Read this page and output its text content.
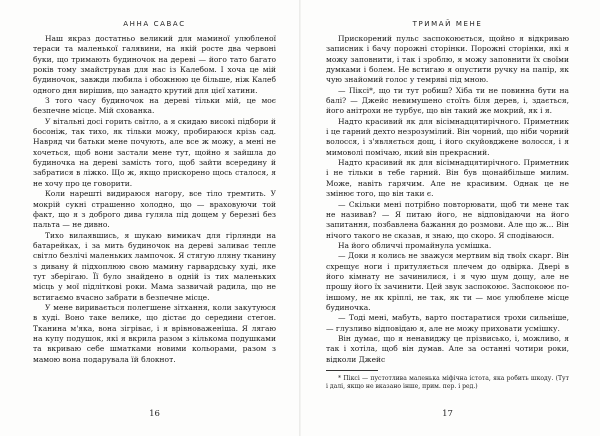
АННА САВАС

Наш якраз достатньо великий для маминої улюбленої тераси та маленької галявини, на якій росте два червоні буки, що тримають будиночок на дереві — його тато багато років тому змайстрував для нас із Калебом. І хоча це мій будиночок, завжди любила і обожнюю це більше, ніж Калеб одного дня вирішив, що занадто крутий для цієї хатини.

З того часу будиночок на дереві тільки мій, це моє безпечне місце. Мій схованка.

У вітальні досі горить світло, а я скидаю високі підбори й босоніж, так тихо, як тільки можу, пробираюся крізь сад. Навряд чи батьки мене почують, але все ж можу, а мені не хочеться, щоб вони застали мене тут, щойно я зайшла до будиночка на дереві замість того, щоб зайти всередину й забратися в ліжко. Що ж, якщо прискорено щось сталося, я не хочу про це говорити.

Коли нарешті видираюся нагору, все тіло тремтить. У мокрій сукні страшенно холодно, що — враховуючи той факт, що я з доброго дива гуляла під дощем у березні без пальта — не дивно.

Тихо вилаявшись, я шукаю вимикач для гірлянди на батарейках, і за мить будиночок на дереві заливає тепле світло безлічі маленьких лампочок. Я стягую лляну тканину з дивану й підхоплюю свою мамину гарвардську худі, яке тут зберігаю. Її було знайдено в одній із тих маленьких місць у мої підліткові роки. Мама зазвичай радила, що не встигаємо вчасно забрати в безпечне місце.

У мене виривається полегшене зітхання, коли закутуюся в худі. Воно таке велике, що дістає до середини стегон. Тканина м'яка, вона зігріває, і я врівноваженіша. Я лягаю на купу подушок, які я вкрила разом з кількома подушками та вкриваю себе шматками новими кольорами, разом з мамою вона подарувала їй блокнот.

16
ТРИМАЙ МЕНЕ

Прискорений пульс заспокоюється, щойно я відкриваю записник і бачу порожні сторінки. Порожні сторінки, які я можу заповнити, і так і зроблю, я можу заповнити їх своїми думками і болем. Не встигаю я опустити ручку на папір, як чую знайомий голос у темряві під мною.

— Піксі*, що ти тут робиш? Хіба ти не повинна бути на балі? — Джейс невимушено стоїть біля дерев, і, здається, його анітрохи не турбує, що він такий же мокрий, як і я.

Надто красивий як для вісімнадцятирічного. Приметник і це гарний дехто незрозумілий. Він чорний, що ніби чорний волосся, і з'являється дощ, і його скуйовджене волосся, і я мимоволі помічаю, який він прекрасний.

Надто красивий як для вісімнадцятирічного. Приметник і не тільки в тебе гарний. Він був щонайбільше милим. Може, навіть гарячим. Але не красивим. Однак це не змінює того, що він таки є.

— Скільки мені потрібно повторювати, щоб ти мене так не називав? — Я питаю його, не відповідаючи на його запитання, позбавлена бажання до розмови. Але що ж... Він нічого такого не сказав, я знаю, що скоро. Я сподіваюся.

На його обличчі промайнула усмішка.

— Доки я колись не зважуся мертвим від твоїх скарг. Він схрещує ноги і притуляється плечем до одвірка. Двері в його кімнату не зачинилися, і я чую шум дощу, але не прошу його їх зачинити. Цей звук заспокоює. Заспокоює по-іншому, не як кріплі, не так, як ти — моє улюблене місце будиночка.

— Тоді мені, мабуть, варто постаратися трохи сильніше, — глузливо відповідаю я, але не можу приховати усмішку.

Він думає, що я ненавиджу це прізвисько, і, можливо, я так і хотіла, щоб він думав. Але за останні чотири роки, відколи Джейс

* Піксі — пустотлива маленька міфічна істота, яка робить шкоду. (Тут і далі, якщо не вказано інше, прим. пер. і ред.)

17
